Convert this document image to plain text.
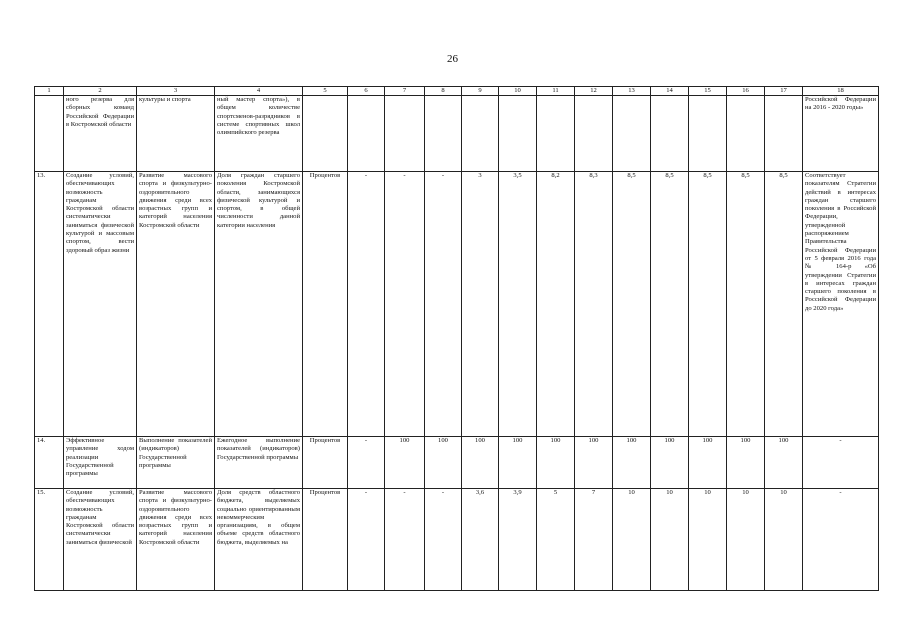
26
1	2	3	4	5	6	7	8	9	10	11	12	13	14	15	16	17	18
	ного резерва для сборных команд Российской Федерации в Костромской области	культуры и спорта	ный мастер спорта»), в общем количестве спортсменов-разрядников в системе спортивных школ олимпийского резерва														Российской Федерации на 2016 - 2020 годы»
13.	Создание условий, обеспечивающих возможность гражданам Костромской области систематически заниматься физической культурой и массовым спортом, вести здоровый образ жизни	Развитие массового спорта и физкультурно-оздоровительного движения среди всех возрастных групп и категорий населения Костромской области	Доля граждан старшего поколения Костромской области, занимающихся физической культурой и спортом, в общей численности данной категории населения	Процентов	-	-	-	3	3,5	8,2	8,3	8,5	8,5	8,5	8,5	8,5	Соответствует показателям Стратегии действий в интересах граждан старшего поколения в Российской Федерации, утвержденной распоряжением Правительства Российской Федерации от 5 февраля 2016 года № 164-р «Об утверждении Стратегии в интересах граждан старшего поколения в Российской Федерации до 2020 года»
14.	Эффективное управление ходом реализации Государственной программы	Выполнение показателей (индикаторов) Государственной программы	Ежегодное выполнение показателей (индикаторов) Государственной программы	Процентов	-	100	100	100	100	100	100	100	100	100	100	100	-
15.	Создание условий, обеспечивающих возможность гражданам Костромской области систематически заниматься физической	Развитие массового спорта и физкультурно-оздоровительного движения среди всех возрастных групп и категорий населения Костромской области	Доля средств областного бюджета, выделяемых социально ориентированным некоммерческим организациям, в общем объеме средств областного бюджета, выделяемых на	Процентов	-	-	-	3,6	3,9	5	7	10	10	10	10	10	-
